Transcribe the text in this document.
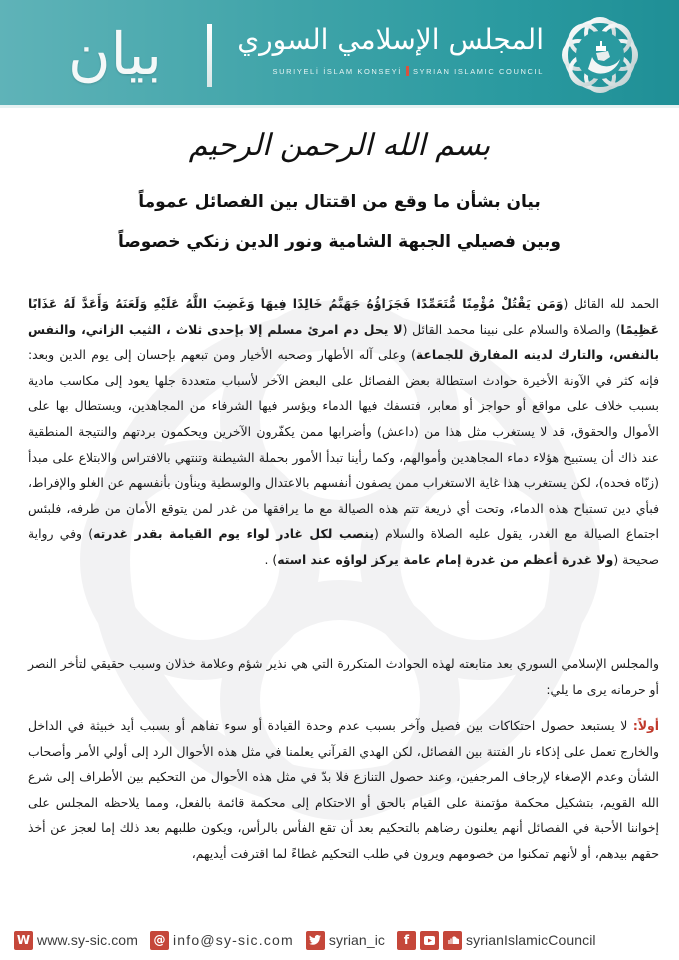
بيان	المجلس الإسلامي السوري
SURIYELİ İSLAM KONSEYİ SYRIAN ISLAMIC COUNCIL
بسم الله الرحمن الرحيم
بيان بشأن ما وقع من اقتتال بين الفصائل عموماً
وبين فصيلي الجبهة الشامية ونور الدين زنكي خصوصاً
الحمد لله القائل (وَمَن يَقْتُلْ مُؤْمِنًا مُّتَعَمِّدًا فَجَزَاؤُهُ جَهَنَّمُ خَالِدًا فِيهَا وَغَضِبَ اللَّهُ عَلَيْهِ وَلَعَنَهُ وَأَعَدَّ لَهُ عَذَابًا عَظِيمًا) والصلاة والسلام على نبينا محمد القائل (لا يحل دم امرئ مسلم إلا بإحدى ثلاث ، الثيب الزاني، والنفس بالنفس، والتارك لدينه المفارق للجماعة) وعلى آله الأطهار وصحبه الأخيار ومن تبعهم بإحسان إلى يوم الدين وبعد: فإنه كثر في الآونة الأخيرة حوادث استطالة بعض الفصائل على البعض الآخر لأسباب متعددة جلها يعود إلى مكاسب مادية بسبب خلاف على مواقع أو حواجز أو معابر، فتسفك فيها الدماء ويؤسر فيها الشرفاء من المجاهدين، ويستطال بها على الأموال والحقوق، قد لا يستغرب مثل هذا من (داعش) وأضرابها ممن يكفّرون الآخرين ويحكمون بردتهم والنتيجة المنطقية عند ذاك أن يستبيح هؤلاء دماء المجاهدين وأموالهم، وكما رأينا تبدأ الأمور بحملة الشيطنة وتنتهي بالافتراس والابتلاع على مبدأ (زنّاه فحده)، لكن يستغرب هذا غاية الاستغراب ممن يصفون أنفسهم بالاعتدال والوسطية وينأون بأنفسهم عن الغلو والإفراط، فبأي دين تستباح هذه الدماء، وتحت أي ذريعة تتم هذه الصيالة مع ما يرافقها من غدر لمن يتوقع الأمان من طرفه، فلبئس اجتماع الصيالة مع الغدر، يقول عليه الصلاة والسلام (ينصب لكل غادر لواء يوم القيامة بقدر غدرته) وفي رواية صحيحة (ولا غدرة أعظم من غدرة إمام عامة يركز لواؤه عند استه) .
والمجلس الإسلامي السوري بعد متابعته لهذه الحوادث المتكررة التي هي نذير شؤم وعلامة خذلان وسبب حقيقي لتأخر النصر أو حرمانه يرى ما يلي:
أولاً: لا يستبعد حصول احتكاكات بين فصيل وآخر بسبب عدم وحدة القيادة أو سوء تفاهم أو بسبب أيد خبيثة في الداخل والخارج تعمل على إذكاء نار الفتنة بين الفصائل، لكن الهدي القرآني يعلمنا في مثل هذه الأحوال الرد إلى أولي الأمر وأصحاب الشأن وعدم الإصغاء لإرجاف المرجفين، وعند حصول التنازع فلا بدّ في مثل هذه الأحوال من التحكيم بين الأطراف إلى شرع الله القويم، بتشكيل محكمة مؤتمنة على القيام بالحق أو الاحتكام إلى محكمة قائمة بالفعل، ومما يلاحظه المجلس على إخواننا الأحبة في الفصائل أنهم يعلنون رضاهم بالتحكيم بعد أن تقع الفأس بالرأس، ويكون طلبهم بعد ذلك إما لعجز عن أخذ حقهم بيدهم، أو لأنهم تمكنوا من خصومهم ويرون في طلب التحكيم غطاءً لما اقترفت أيديهم،
W www.sy-sic.com @ info@sy-sic.com	syrian_ic	f	syrianIslamicCouncil
